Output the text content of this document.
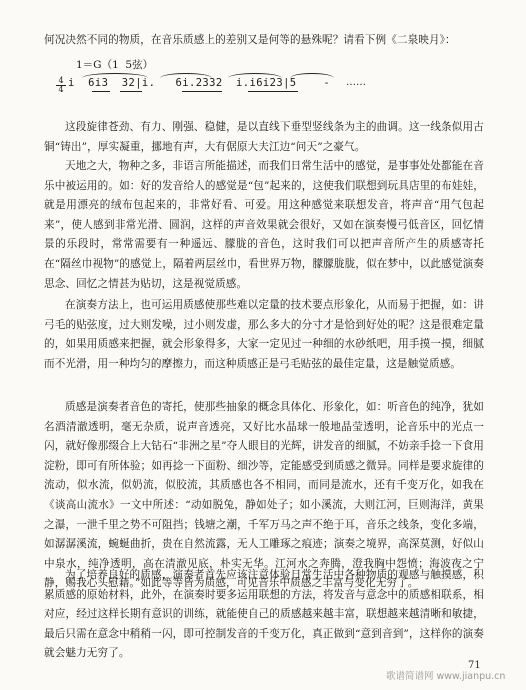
何况决然不同的物质，在音乐质感上的差别又是何等的悬殊呢？请看下例《二泉映月》：

1＝G（1  5弦）
4
4
i  6i3  32|i.   6i.2332  i.i6i23|5    - ……

这段旋律苍劲、有力、刚强、稳健，是以直线下垂型竖线条为主的曲调。这一线条似用古铜“铸出”，厚实凝重，挪地有声，大有倨原大夫江边“问天”之豪气。

天地之大，物种之多，非语言所能描述，而我们日常生活中的感觉，是事事处处都能在音乐中被运用的。如：好的发音给人的感觉是“包”起来的，这使我们联想到玩具店里的布娃娃，就是用漂亮的绒布包起来的，非常好看、可爱。用这种感觉来联想发音，将声音“用气包起来”，使人感到非常光滑、圆润，这样的声音效果就会很好，又如在演奏慢弓低音区，回忆情景的乐段时，常常需要有一种遥远、朦胧的音色，这时我们可以把声音所产生的质感寄托在“隔丝巾视物”的感觉上，隔着两层丝巾，看世界万物，朦朦胧胧，似在梦中，以此感觉演奏思念、回忆之情甚为贴切，这是视觉质感。

在演奏方法上，也可运用质感使那些难以定量的技术要点形象化，从而易于把握，如：讲弓毛的贴弦度，过大则发噪，过小则发虚，那么多大的分寸才是恰到好处的呢？这是很难定量的，如果用质感来把握，就会形象得多，大家一定见过一种细的水砂纸吧，用手摸一摸，细腻而不光滑，用一种均匀的摩擦力，而这种质感正是弓毛贴弦的最佳定量，这是触觉质感。

质感是演奏者音色的寄托，使那些抽象的概念具体化、形象化，如：听音色的纯净，犹如名酒清澈透明，毫无杂质，说声音透亮，又好比水晶球一般地晶莹透明，论音乐中的光点一闪，就好像那缀合上大钻石“非洲之星”夺人眼目的光辉，讲发音的细腻，不妨亲手捻一下食用淀粉，即可有所体验；如再捻一下面粉、细沙等，定能感受到质感之微异。同样是要求旋律的流动，似水流，似奶流，似胶流，其质感也各不相同，而同是流水，还有千变万化，如我在《谈高山流水》一文中所述：“动如脱兔，静如处子；如小溪流，大则江河，巨则海洋，黄果之瀑，一泄千里之势不可阻挡；钱塘之潮，千军万马之声不绝于耳，音乐之线条，变化多端，如潺潺溪流，蜿蜒曲折，贵在自然流露，无人工雕琢之痕迹；演奏之境界，高深莫测，好似山中泉水，纯净透明，高在清澈见底，朴实无华。江河水之奔腾，澄我胸中怨愤；海波夜之宁静，赐我心头慰藉。”如此等等皆为质感，可见音乐中质感之丰富与变化无穷了。

为了培养良好的质感，演奏者首先应该注意体验日常生活中各种物质的观感与触摸感，积累质感的原始材料，此外，在演奏时要多运用联想的方法，将发音与意念中的质感相联系，相对应，经过这样长期有意识的训练，就能使自己的质感越来越丰富，联想越来越清晰和敏捷，最后只需在意念中稍稍一闪，即可控制发音的千变万化，真正做到“意到音到”，这样你的演奏就会魅力无穷了。

71
歌谱简谱网 www.jianpu.cn
